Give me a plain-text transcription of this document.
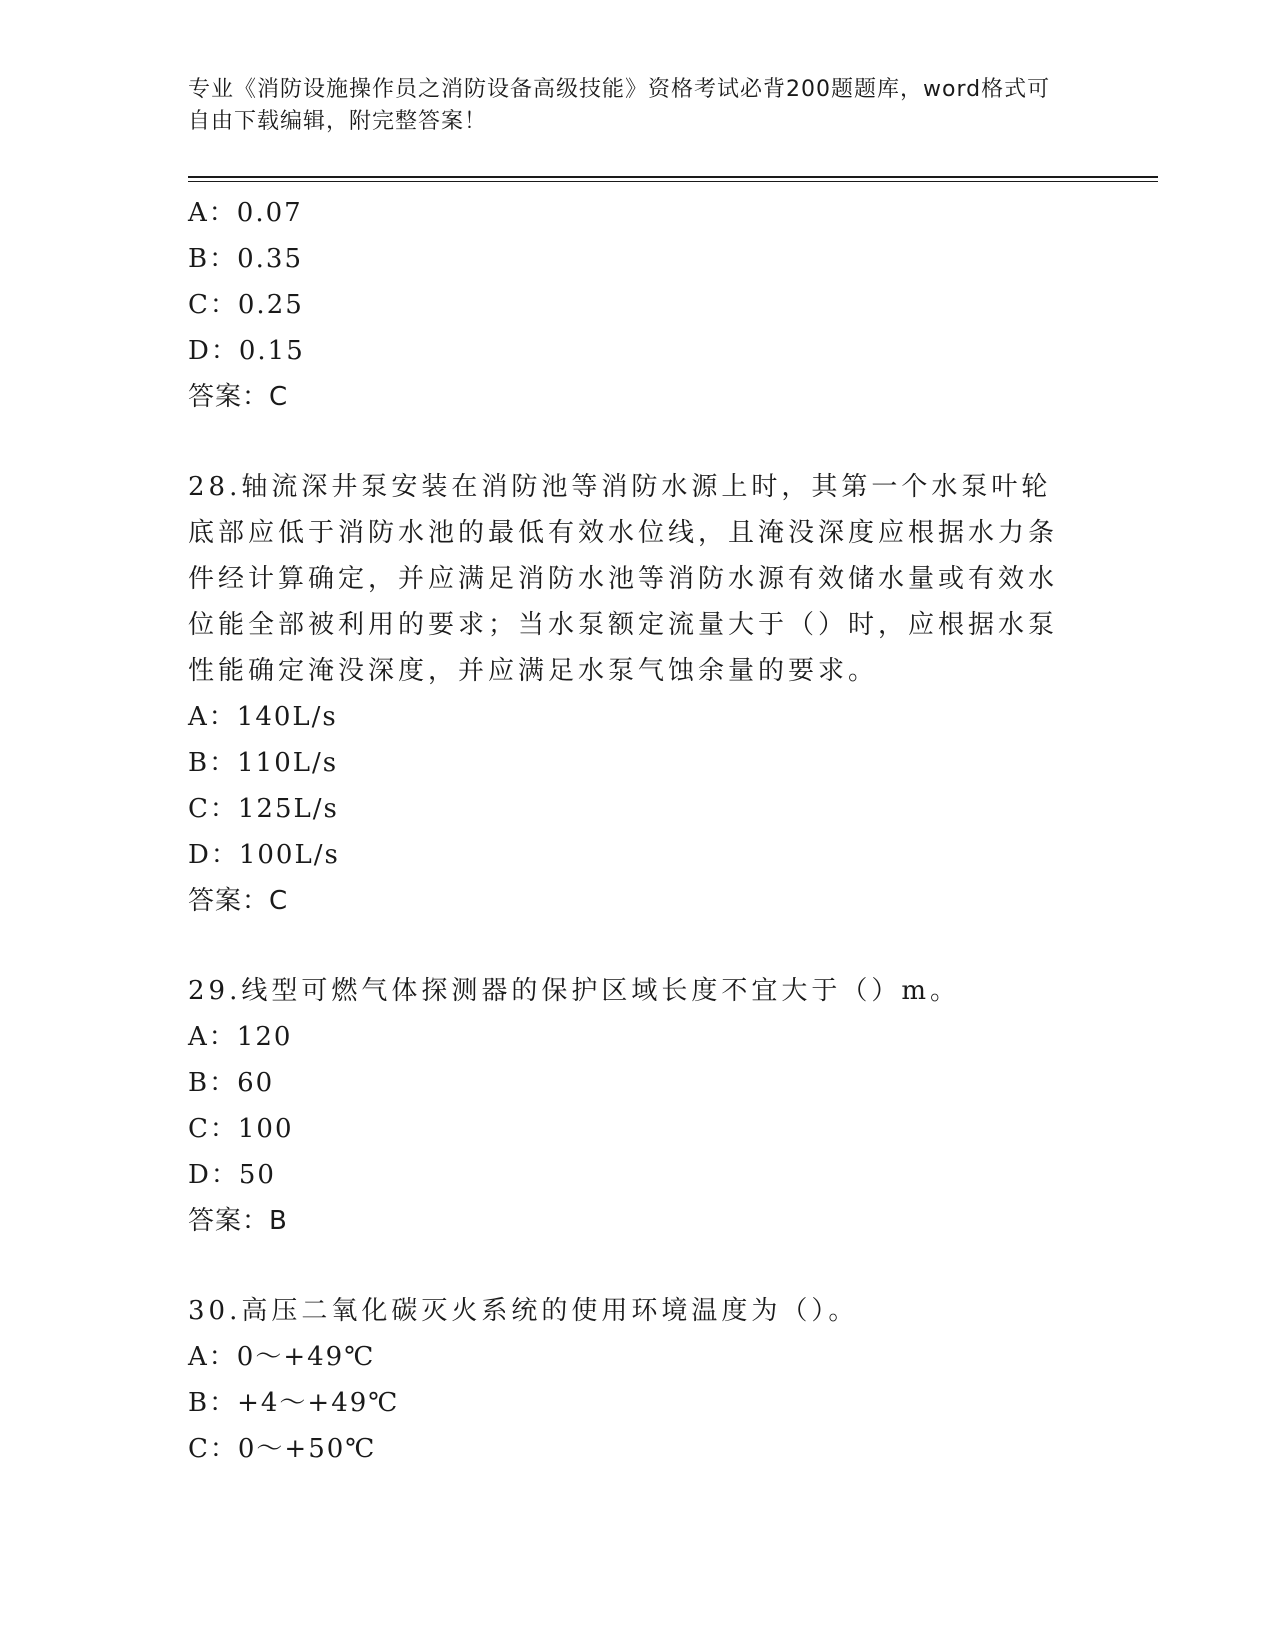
专业《消防设施操作员之消防设备高级技能》资格考试必背200题题库，word格式可自由下载编辑，附完整答案！
A：0.07
B：0.35
C：0.25
D：0.15
答案：C
28.轴流深井泵安装在消防池等消防水源上时，其第一个水泵叶轮底部应低于消防水池的最低有效水位线，且淹没深度应根据水力条件经计算确定，并应满足消防水池等消防水源有效储水量或有效水位能全部被利用的要求；当水泵额定流量大于（）时，应根据水泵性能确定淹没深度，并应满足水泵气蚀余量的要求。
A：140L/s
B：110L/s
C：125L/s
D：100L/s
答案：C
29.线型可燃气体探测器的保护区域长度不宜大于（）m。
A：120
B：60
C：100
D：50
答案：B
30.高压二氧化碳灭火系统的使用环境温度为（）。
A：0～+49℃
B：+4～+49℃
C：0～+50℃
